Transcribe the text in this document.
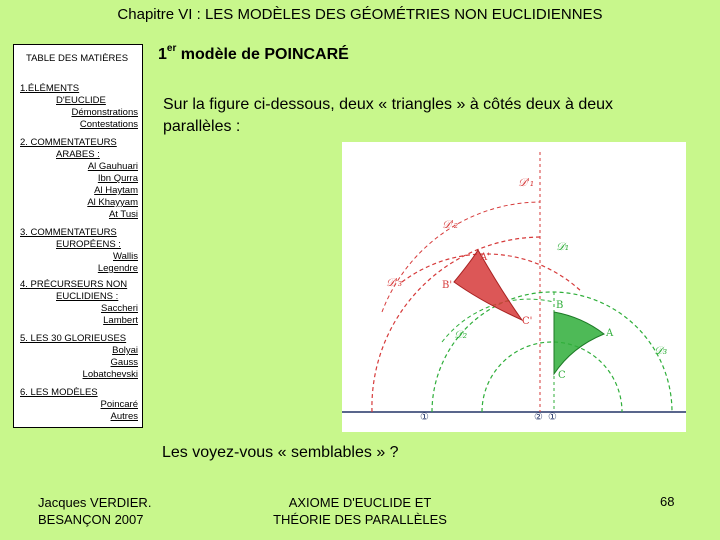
Chapitre VI : LES MODÈLES DES GÉOMÉTRIES NON EUCLIDIENNES
TABLE DES MATIÈRES
1.ÉLÉMENTS
D'EUCLIDE
Démonstrations
Contestations
2. COMMENTATEURS
ARABES :
Al Gauhuari
Ibn Qurra
Al Haytam
Al Khayyam
At Tusi
3. COMMENTATEURS
EUROPÉENS :
Wallis
Legendre
4. PRÉCURSEURS NON
EUCLIDIENS :
Saccheri
Lambert
5. LES 30 GLORIEUSES
Bolyai
Gauss
Lobatchevski
6. LES MODÈLES
Poincaré
Autres
1er modèle de POINCARÉ
Sur la figure ci-dessous, deux « triangles » à côtés deux à deux parallèles :
𝒟'₁
𝒟'₂
𝒟'₃
𝒟₁
𝒟₂
𝒟₃
A'
B'
C'
A
B
C
①	② ①
Les voyez-vous « semblables » ?
Jacques VERDIER.
BESANÇON 2007
AXIOME D'EUCLIDE ET
THÉORIE DES PARALLÈLES
68
